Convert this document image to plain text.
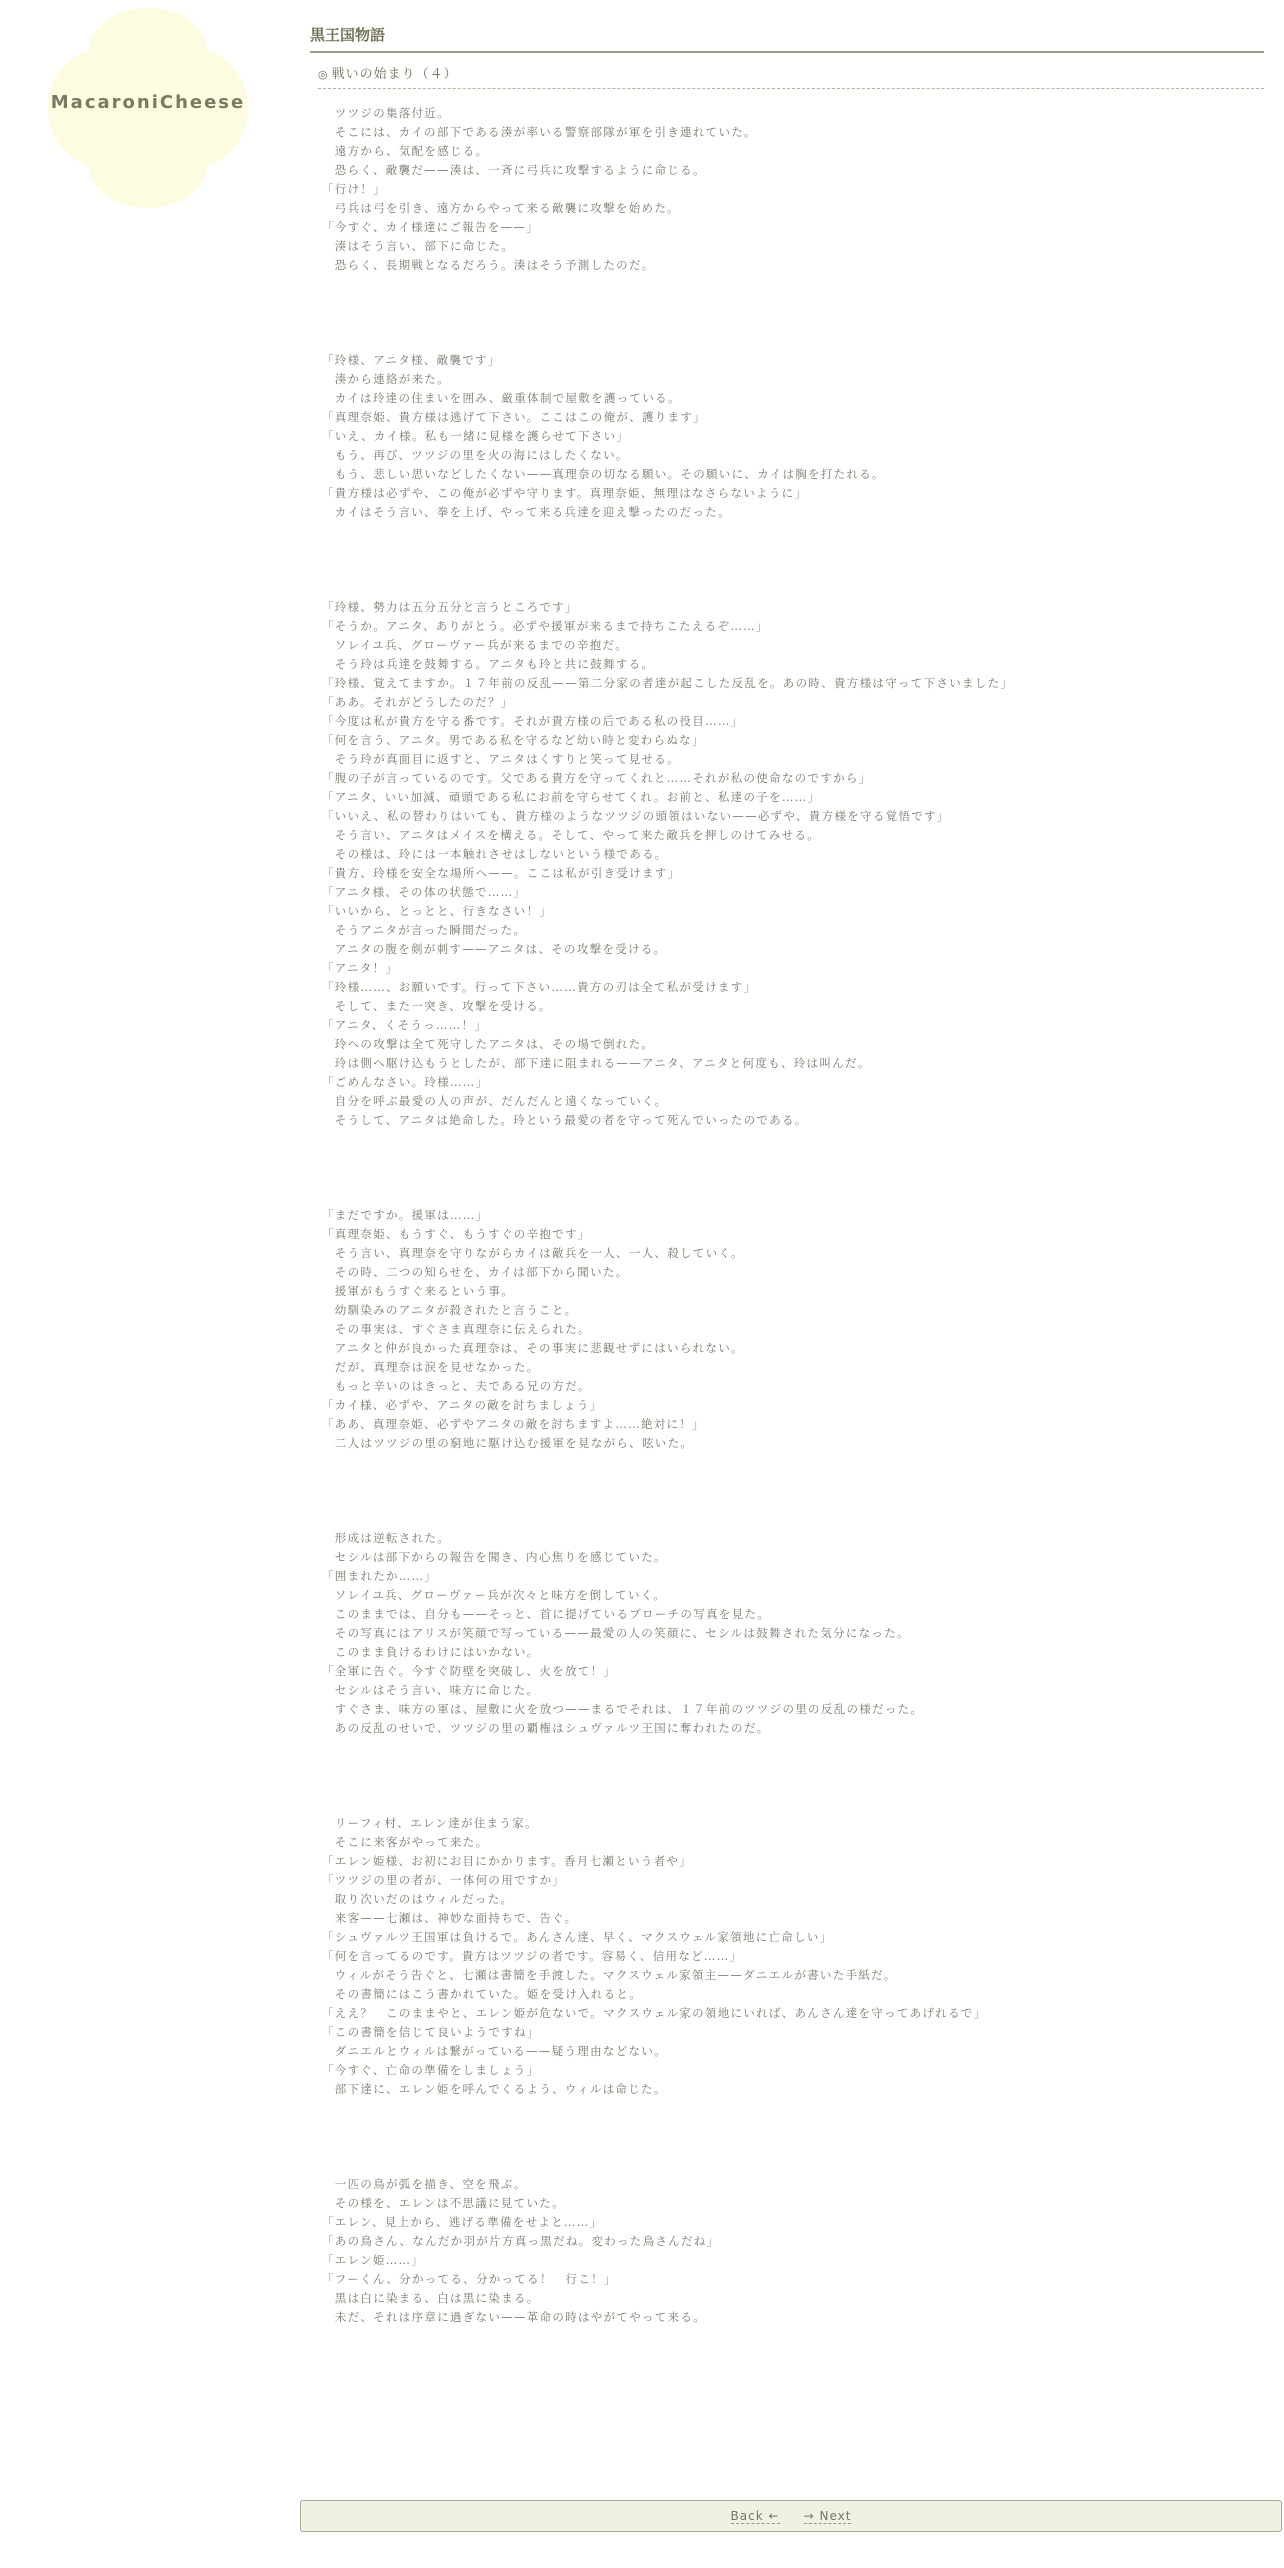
MacaroniCheese
黒王国物語
◎ 戦いの始まり（４）
　ツツジの集落付近。
　そこには、カイの部下である湊が率いる警察部隊が軍を引き連れていた。
　遠方から、気配を感じる。
　恐らく、敵襲だ——湊は、一斉に弓兵に攻撃するように命じる。
「行け！」
　弓兵は弓を引き、遠方からやって来る敵襲に攻撃を始めた。
「今すぐ、カイ様達にご報告を——」
　湊はそう言い、部下に命じた。
　恐らく、長期戦となるだろう。湊はそう予測したのだ。
「玲様、アニタ様、敵襲です」
　湊から連絡が来た。
　カイは玲達の住まいを囲み、厳重体制で屋敷を護っている。
「真理奈姫、貴方様は逃げて下さい。ここはこの俺が、護ります」
「いえ、カイ様。私も一緒に見様を護らせて下さい」
　もう、再び、ツツジの里を火の海にはしたくない。
　もう、悲しい思いなどしたくない——真理奈の切なる願い。その願いに、カイは胸を打たれる。
「貴方様は必ずや、この俺が必ずや守ります。真理奈姫、無理はなさらないように」
　カイはそう言い、拳を上げ、やって来る兵達を迎え撃ったのだった。
「玲様、勢力は五分五分と言うところです」
「そうか。アニタ、ありがとう。必ずや援軍が来るまで持ちこたえるぞ……」
　ソレイユ兵、グローヴァー兵が来るまでの辛抱だ。
　そう玲は兵達を鼓舞する。アニタも玲と共に鼓舞する。
「玲様、覚えてますか。１７年前の反乱——第二分家の者達が起こした反乱を。あの時、貴方様は守って下さいました」
「ああ。それがどうしたのだ？」
「今度は私が貴方を守る番です。それが貴方様の后である私の役目……」
「何を言う、アニタ。男である私を守るなど幼い時と変わらぬな」
　そう玲が真面目に返すと、アニタはくすりと笑って見せる。
「腹の子が言っているのです。父である貴方を守ってくれと……それが私の使命なのですから」
「アニタ、いい加減、頑頭である私にお前を守らせてくれ。お前と、私達の子を……」
「いいえ、私の替わりはいても、貴方様のようなツツジの頭領はいない——必ずや、貴方様を守る覚悟です」
　そう言い、アニタはメイスを構える。そして、やって来た敵兵を押しのけてみせる。
　その様は、玲には一本触れさせはしないという様である。
「貴方、玲様を安全な場所へ——。ここは私が引き受けます」
「アニタ様、その体の状態で……」
「いいから、とっとと、行きなさい！」
　そうアニタが言った瞬間だった。
　アニタの腹を剣が刺す——アニタは、その攻撃を受ける。
「アニタ！」
「玲様……、お願いです。行って下さい……貴方の刃は全て私が受けます」
　そして、また一突き、攻撃を受ける。
「アニタ、くそうっ……！」
　玲への攻撃は全て死守したアニタは、その場で倒れた。
　玲は側へ駆け込もうとしたが、部下達に阻まれる——アニタ、アニタと何度も、玲は叫んだ。
「ごめんなさい。玲様……」
　自分を呼ぶ最愛の人の声が、だんだんと遠くなっていく。
　そうして、アニタは絶命した。玲という最愛の者を守って死んでいったのである。
「まだですか。援軍は……」
「真理奈姫、もうすぐ、もうすぐの辛抱です」
　そう言い、真理奈を守りながらカイは敵兵を一人、一人、殺していく。
　その時、二つの知らせを、カイは部下から聞いた。
　援軍がもうすぐ来るという事。
　幼馴染みのアニタが殺されたと言うこと。
　その事実は、すぐさま真理奈に伝えられた。
　アニタと仲が良かった真理奈は、その事実に悲観せずにはいられない。
　だが、真理奈は涙を見せなかった。
　もっと辛いのはきっと、夫である兄の方だ。
「カイ様、必ずや、アニタの敵を討ちましょう」
「ああ、真理奈姫、必ずやアニタの敵を討ちますよ……絶対に！」
　二人はツツジの里の窮地に駆け込む援軍を見ながら、呟いた。
　形成は逆転された。
　セシルは部下からの報告を聞き、内心焦りを感じていた。
「囲まれたか……」
　ソレイユ兵、グローヴァー兵が次々と味方を倒していく。
　このままでは、自分も——そっと、首に提げているブローチの写真を見た。
　その写真にはアリスが笑顔で写っている——最愛の人の笑顔に、セシルは鼓舞された気分になった。
　このまま負けるわけにはいかない。
「全軍に告ぐ。今すぐ防壁を突破し、火を放て！」
　セシルはそう言い、味方に命じた。
　すぐさま、味方の軍は、屋敷に火を放つ——まるでそれは、１７年前のツツジの里の反乱の様だった。
　あの反乱のせいで、ツツジの里の覇権はシュヴァルツ王国に奪われたのだ。
　リーフィ村、エレン達が住まう家。
　そこに来客がやって来た。
「エレン姫様、お初にお目にかかります。香月七瀬という者や」
「ツツジの里の者が、一体何の用ですか」
　取り次いだのはウィルだった。
　来客——七瀬は、神妙な面持ちで、告ぐ。
「シュヴァルツ王国軍は負けるで。あんさん達、早く、マクスウェル家領地に亡命しい」
「何を言ってるのです。貴方はツツジの者です。容易く、信用など……」
　ウィルがそう告ぐと、七瀬は書簡を手渡した。マクスウェル家領主——ダニエルが書いた手紙だ。
　その書簡にはこう書かれていた。姫を受け入れると。
「ええ？　このままやと、エレン姫が危ないで。マクスウェル家の領地にいれば、あんさん達を守ってあげれるで」
「この書簡を信じて良いようですね」
　ダニエルとウィルは繋がっている——疑う理由などない。
「今すぐ、亡命の準備をしましょう」
　部下達に、エレン姫を呼んでくるよう、ウィルは命じた。
　一匹の鳥が弧を描き、空を飛ぶ。
　その様を、エレンは不思議に見ていた。
「エレン、見上から、逃げる準備をせよと……」
「あの鳥さん、なんだか羽が片方真っ黒だね。変わった鳥さんだね」
「エレン姫……」
「フーくん、分かってる、分かってる！　行こ！」
　黒は白に染まる、白は黒に染まる。
　未だ、それは序章に過ぎない——革命の時はやがてやって来る。
Back ← → Next
